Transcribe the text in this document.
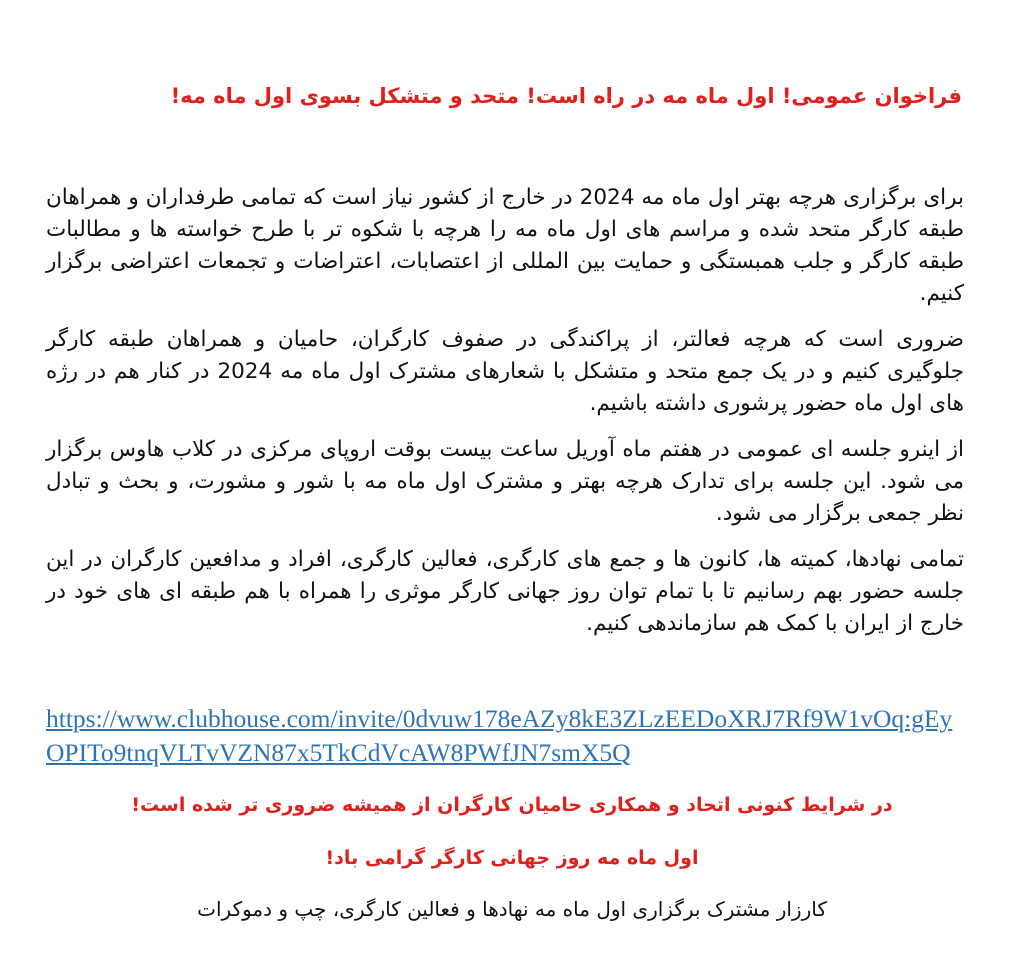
فراخوان عمومی! اول ماه مه در راه است! متحد و متشکل بسوی اول ماه مه!

برای برگزاری هرچه بهتر اول ماه مه 2024 در خارج از کشور نیاز است که تمامی طرفداران و همراهان طبقه کارگر متحد شده و مراسم های اول ماه مه را هرچه با شکوه تر با طرح خواسته ها و مطالبات طبقه کارگر و جلب همبستگی و حمایت بین المللی از اعتصابات، اعتراضات و تجمعات اعتراضی برگزار کنیم.

ضروری است که هرچه فعالتر، از پراکندگی در صفوف کارگران، حامیان و همراهان طبقه کارگر جلوگیری کنیم و در یک جمع متحد و متشکل با شعارهای مشترک اول ماه مه 2024 در کنار هم در رژه های اول ماه حضور پرشوری داشته باشیم.

از اینرو جلسه ای عمومی در هفتم ماه آوریل ساعت بیست بوقت اروپای مرکزی در کلاب هاوس برگزار می شود. این جلسه برای تدارک هرچه بهتر و مشترک اول ماه مه با شور و مشورت، و بحث و تبادل نظر جمعی برگزار می شود.

تمامی نهادها، کمیته ها، کانون ها و جمع های کارگری، فعالین کارگری، افراد و مدافعین کارگران در این جلسه حضور بهم رسانیم تا با تمام توان روز جهانی کارگر موثری را همراه با هم طبقه ای های خود در خارج از ایران با کمک هم سازماندهی کنیم.

https://www.clubhouse.com/invite/0dvuw178eAZy8kE3ZLzEEDoXRJ7Rf9W1vOq:gEyOPITo9tnqVLTvVZN87x5TkCdVcAW8PWfJN7smX5Q

در شرایط کنونی اتحاد و همکاری حامیان کارگران از همیشه ضروری تر شده است!

اول ماه مه روز جهانی کارگر گرامی باد!

کارزار مشترک برگزاری اول ماه مه نهادها و فعالین کارگری، چپ و دموکرات
